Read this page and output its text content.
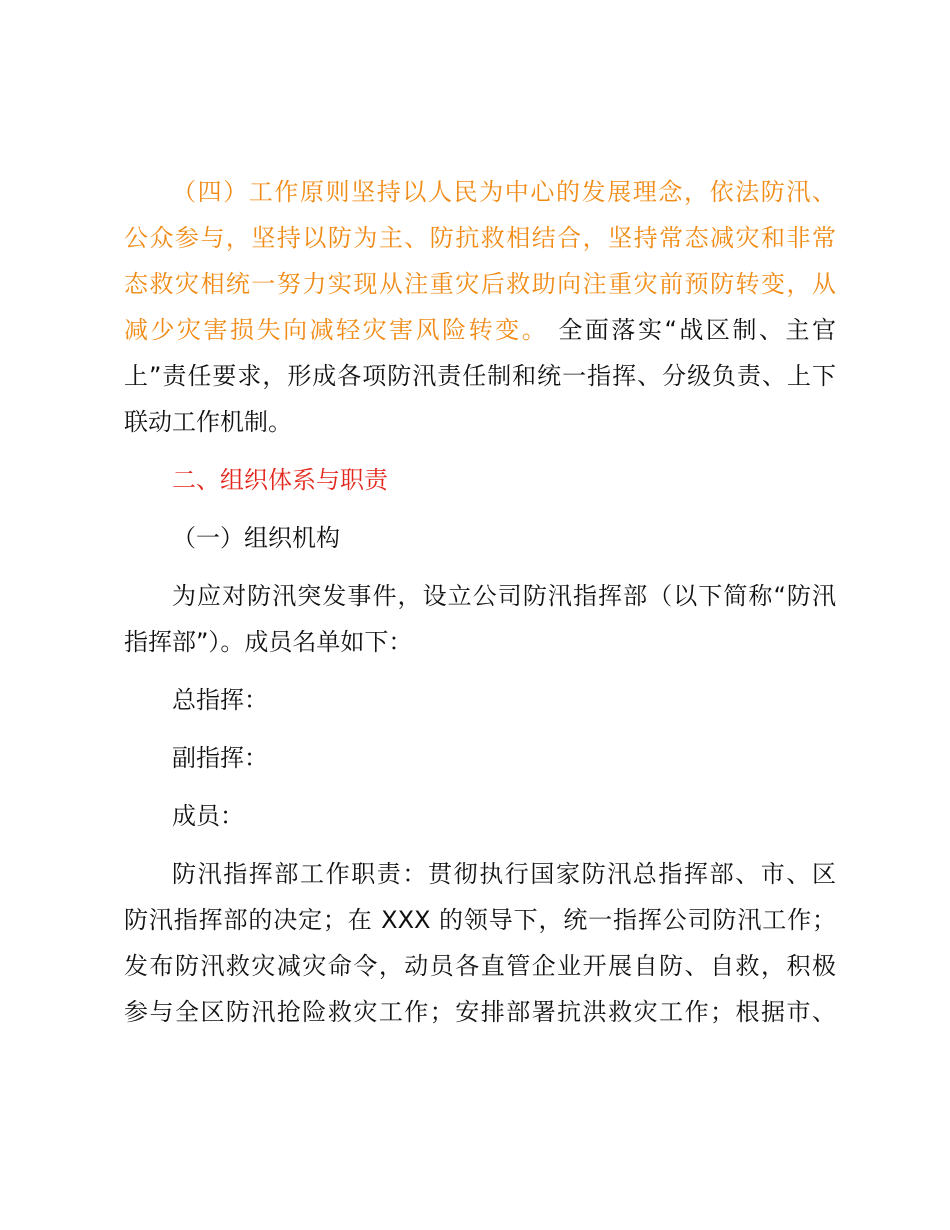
（四）工作原则坚持以人民为中心的发展理念，依法防汛、
公众参与，坚持以防为主、防抗救相结合，坚持常态减灾和非常
态救灾相统一努力实现从注重灾后救助向注重灾前预防转变，从
减少灾害损失向减轻灾害风险转变。 全面落实“战区制、主官
上”责任要求，形成各项防汛责任制和统一指挥、分级负责、上下
联动工作机制。

二、组织体系与职责

（一）组织机构

为应对防汛突发事件，设立公司防汛指挥部（以下简称“防汛
指挥部”）。成员名单如下：

总指挥：

副指挥：

成员：

防汛指挥部工作职责：贯彻执行国家防汛总指挥部、市、区
防汛指挥部的决定；在 XXX 的领导下，统一指挥公司防汛工作；
发布防汛救灾减灾命令，动员各直管企业开展自防、自救，积极
参与全区防汛抢险救灾工作；安排部署抗洪救灾工作；根据市、
